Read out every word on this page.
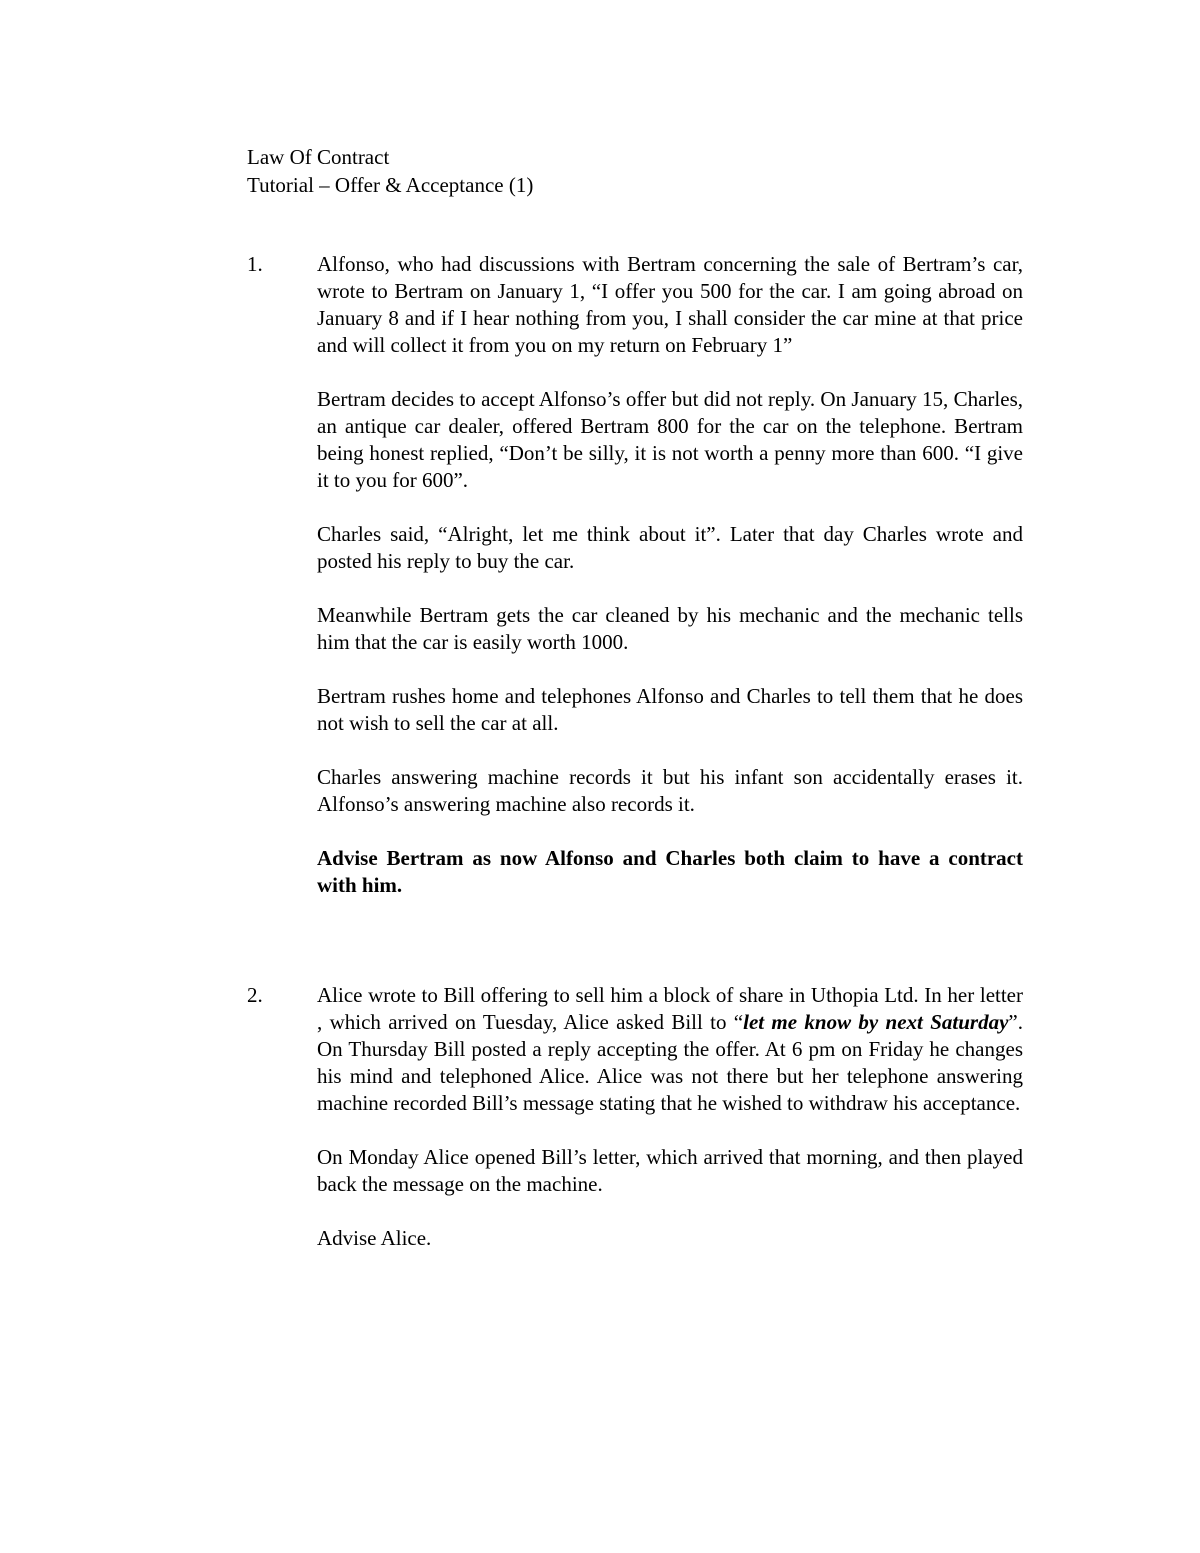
Law Of Contract
Tutorial – Offer & Acceptance (1)
1.	Alfonso, who had discussions with Bertram concerning the sale of Bertram’s car, wrote to Bertram on January 1, “I offer you 500 for the car. I am going abroad on January 8 and if I hear nothing from you, I shall consider the car mine at that price and will collect it from you on my return on February 1”

Bertram decides to accept Alfonso’s offer but did not reply. On January 15, Charles, an antique car dealer, offered Bertram 800 for the car on the telephone. Bertram being honest replied, “Don’t be silly, it is not worth a penny more than 600. “I give it to you for 600”.

Charles said, “Alright, let me think about it”. Later that day Charles wrote and posted his reply to buy the car.

Meanwhile Bertram gets the car cleaned by his mechanic and the mechanic tells him that the car is easily worth 1000.

Bertram rushes home and telephones Alfonso and Charles to tell them that he does not wish to sell the car at all.

Charles answering machine records it but his infant son accidentally erases it. Alfonso’s answering machine also records it.

Advise Bertram as now Alfonso and Charles both claim to have a contract with him.

2.	Alice wrote to Bill offering to sell him a block of share in Uthopia Ltd. In her letter , which arrived on Tuesday, Alice asked Bill to “let me know by next Saturday”. On Thursday Bill posted a reply accepting the offer. At 6 pm on Friday he changes his mind and telephoned Alice. Alice was not there but her telephone answering machine recorded Bill’s message stating that he wished to withdraw his acceptance.

On Monday Alice opened Bill’s letter, which arrived that morning, and then played back the message on the machine.

Advise Alice.
